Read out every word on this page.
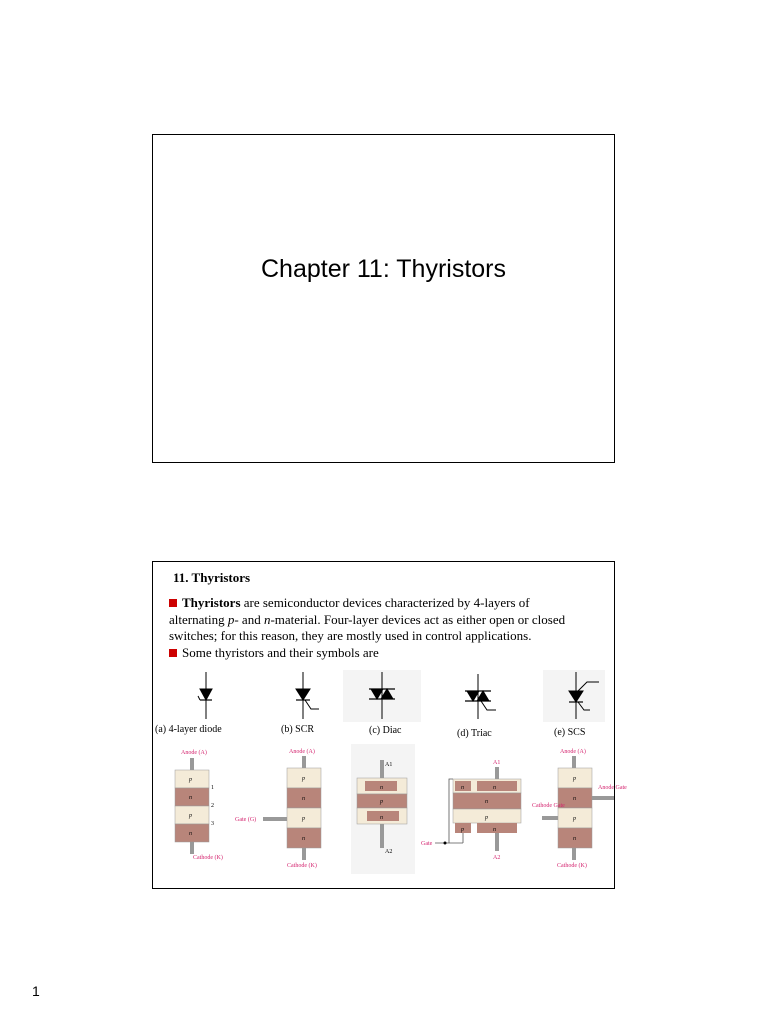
Chapter 11: Thyristors
11. Thyristors

Thyristors are semiconductor devices characterized by 4-layers of
alternating p- and n-material. Four-layer devices act as either open or closed
switches; for this reason, they are mostly used in control applications.

Some thyristors and their symbols are

(a) 4-layer diode	(b) SCR	(c) Diac	(d) Triac	(e) SCS
Anode (A)
p
n
p
n
1
2
3
Cathode (K)
Anode (A)
p
n
p
n
Gate (G)
Cathode (K)
A1
n
p
n
A2
A1
n	n
n
p
p	n
Gate
A2
Anode (A)
p
n
p
n
Anode Gate
Cathode Gate
Cathode (K)
1
